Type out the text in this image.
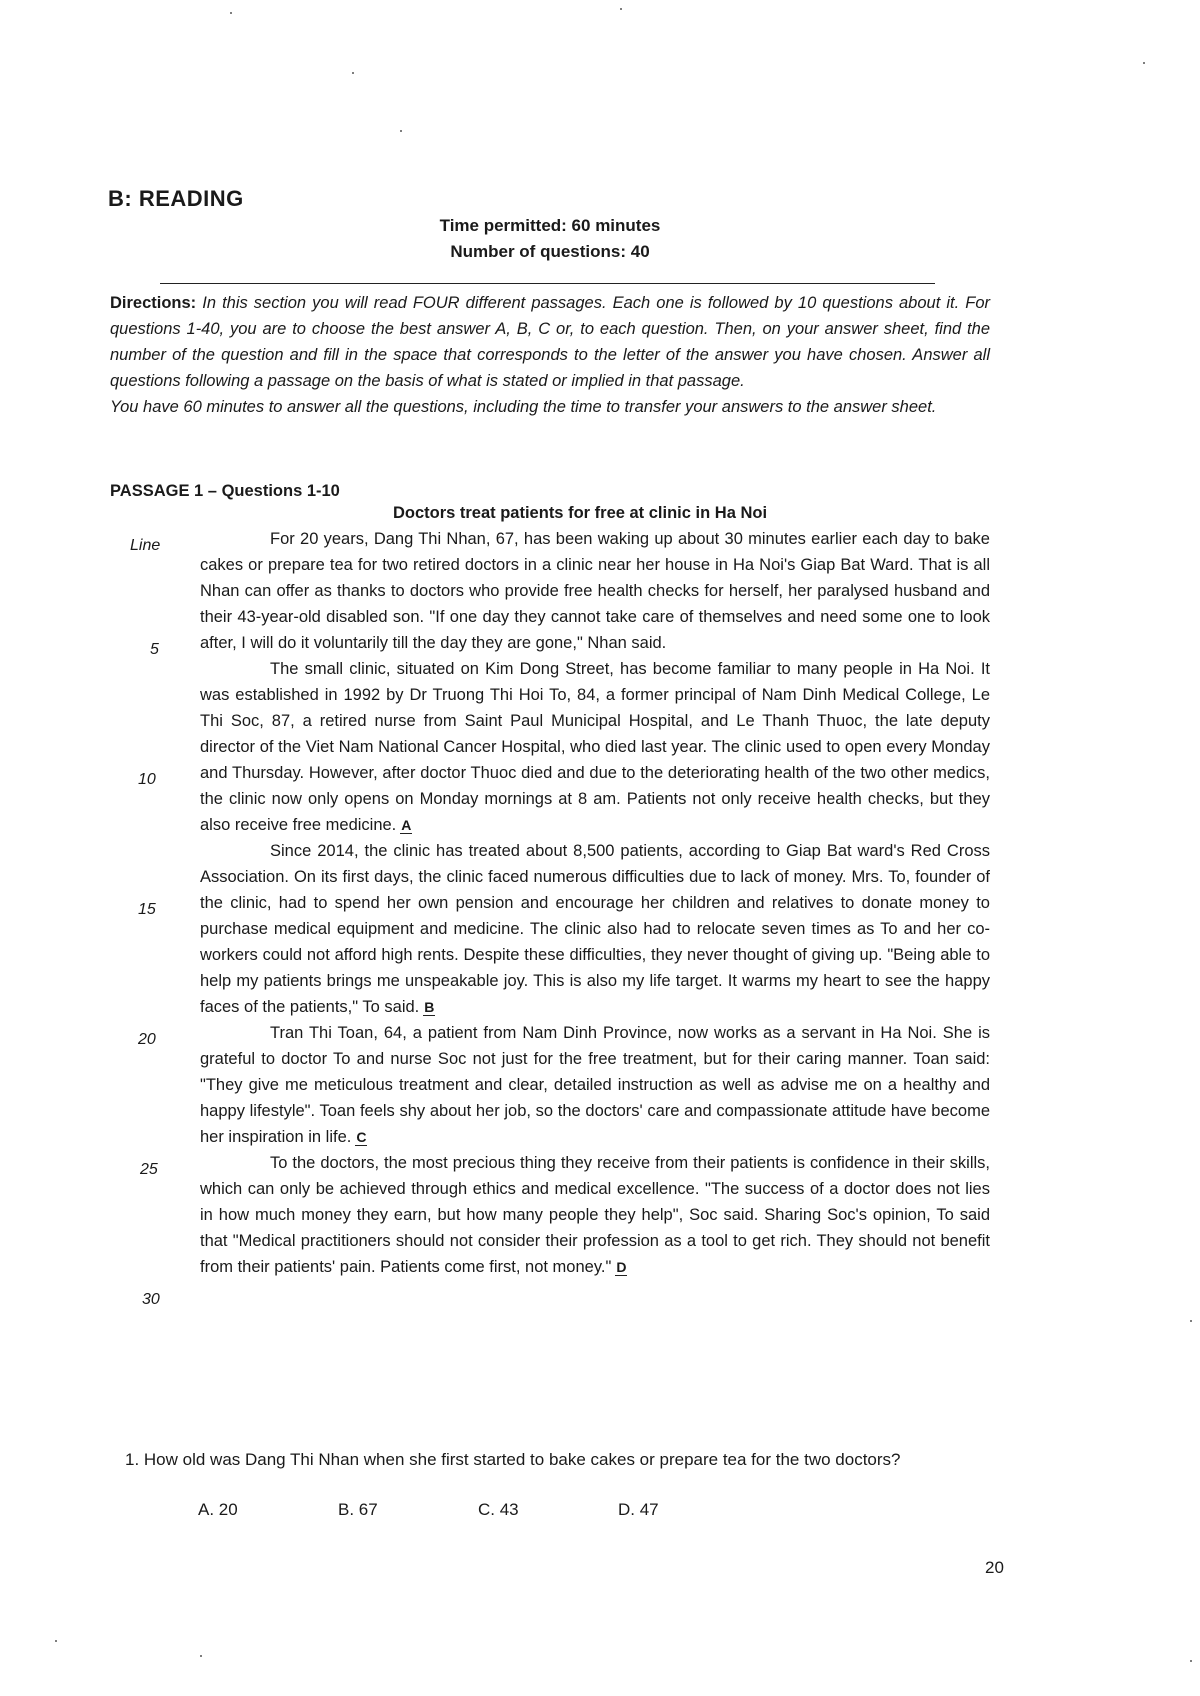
B: READING
Time permitted: 60 minutes
Number of questions: 40
Directions: In this section you will read FOUR different passages. Each one is followed by 10 questions about it. For questions 1-40, you are to choose the best answer A, B, C or, to each question. Then, on your answer sheet, find the number of the question and fill in the space that corresponds to the letter of the answer you have chosen. Answer all questions following a passage on the basis of what is stated or implied in that passage.
You have 60 minutes to answer all the questions, including the time to transfer your answers to the answer sheet.
PASSAGE 1 – Questions 1-10
Doctors treat patients for free at clinic in Ha Noi
Line
5
10
15
20
25
30

For 20 years, Dang Thi Nhan, 67, has been waking up about 30 minutes earlier each day to bake cakes or prepare tea for two retired doctors in a clinic near her house in Ha Noi's Giap Bat Ward. That is all Nhan can offer as thanks to doctors who provide free health checks for herself, her paralysed husband and their 43-year-old disabled son. "If one day they cannot take care of themselves and need some one to look after, I will do it voluntarily till the day they are gone," Nhan said.

The small clinic, situated on Kim Dong Street, has become familiar to many people in Ha Noi. It was established in 1992 by Dr Truong Thi Hoi To, 84, a former principal of Nam Dinh Medical College, Le Thi Soc, 87, a retired nurse from Saint Paul Municipal Hospital, and Le Thanh Thuoc, the late deputy director of the Viet Nam National Cancer Hospital, who died last year. The clinic used to open every Monday and Thursday. However, after doctor Thuoc died and due to the deteriorating health of the two other medics, the clinic now only opens on Monday mornings at 8 am. Patients not only receive health checks, but they also receive free medicine. A

Since 2014, the clinic has treated about 8,500 patients, according to Giap Bat ward's Red Cross Association. On its first days, the clinic faced numerous difficulties due to lack of money. Mrs. To, founder of the clinic, had to spend her own pension and encourage her children and relatives to donate money to purchase medical equipment and medicine. The clinic also had to relocate seven times as To and her co-workers could not afford high rents. Despite these difficulties, they never thought of giving up. "Being able to help my patients brings me unspeakable joy. This is also my life target. It warms my heart to see the happy faces of the patients," To said. B

Tran Thi Toan, 64, a patient from Nam Dinh Province, now works as a servant in Ha Noi. She is grateful to doctor To and nurse Soc not just for the free treatment, but for their caring manner. Toan said: "They give me meticulous treatment and clear, detailed instruction as well as advise me on a healthy and happy lifestyle". Toan feels shy about her job, so the doctors' care and compassionate attitude have become her inspiration in life. C

To the doctors, the most precious thing they receive from their patients is confidence in their skills, which can only be achieved through ethics and medical excellence. "The success of a doctor does not lies in how much money they earn, but how many people they help", Soc said. Sharing Soc's opinion, To said that "Medical practitioners should not consider their profession as a tool to get rich. They should not benefit from their patients' pain. Patients come first, not money." D

1. How old was Dang Thi Nhan when she first started to bake cakes or prepare tea for the two doctors?
A. 20	B. 67	C. 43	D. 47
20
